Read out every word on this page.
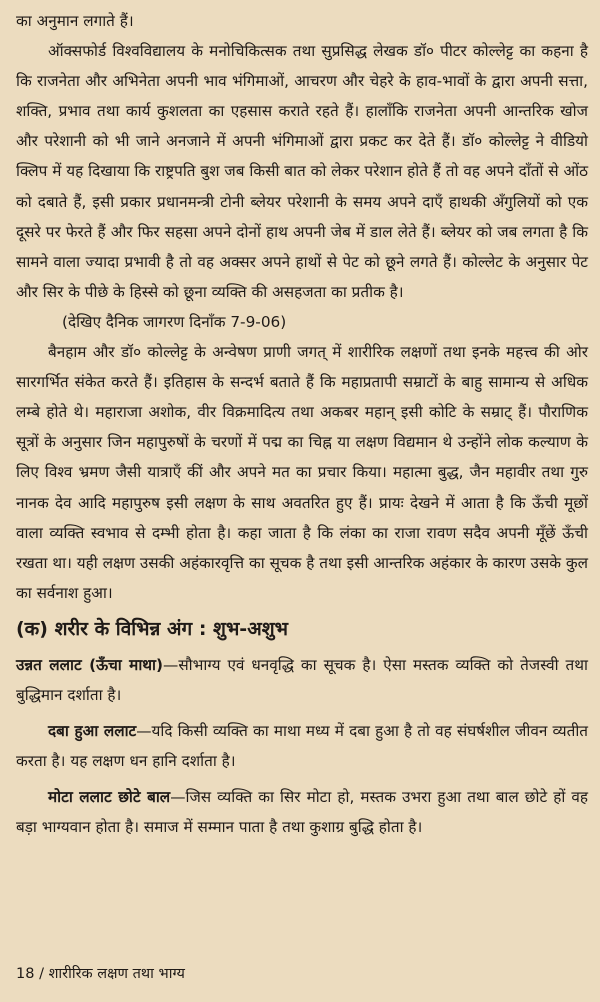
का अनुमान लगाते हैं।

ऑक्सफोर्ड विश्वविद्यालय के मनोचिकित्सक तथा सुप्रसिद्ध लेखक डॉ० पीटर कोल्लेट्ट का कहना है कि राजनेता और अभिनेता अपनी भाव भंगिमाओं, आचरण और चेहरे के हाव-भावों के द्वारा अपनी सत्ता, शक्ति, प्रभाव तथा कार्य कुशलता का एहसास कराते रहते हैं। हालाँकि राजनेता अपनी आन्तरिक खोज और परेशानी को भी जाने अनजाने में अपनी भंगिमाओं द्वारा प्रकट कर देते हैं। डॉ० कोल्लेट्ट ने वीडियो क्लिप में यह दिखाया कि राष्ट्रपति बुश जब किसी बात को लेकर परेशान होते हैं तो वह अपने दाँतों से ओंठ को दबाते हैं, इसी प्रकार प्रधानमन्त्री टोनी ब्लेयर परेशानी के समय अपने दाएँ हाथकी अँगुलियों को एक दूसरे पर फेरते हैं और फिर सहसा अपने दोनों हाथ अपनी जेब में डाल लेते हैं। ब्लेयर को जब लगता है कि सामने वाला ज्यादा प्रभावी है तो वह अक्सर अपने हाथों से पेट को छूने लगते हैं। कोल्लेट के अनुसार पेट और सिर के पीछे के हिस्से को छूना व्यक्ति की असहजता का प्रतीक है।

(देखिए दैनिक जागरण दिनाँक 7-9-06)

बैनहाम और डॉ० कोल्लेट्ट के अन्वेषण प्राणी जगत् में शारीरिक लक्षणों तथा इनके महत्त्व की ओर सारगर्भित संकेत करते हैं। इतिहास के सन्दर्भ बताते हैं कि महाप्रतापी सम्राटों के बाहु सामान्य से अधिक लम्बे होते थे। महाराजा अशोक, वीर विक्रमादित्य तथा अकबर महान् इसी कोटि के सम्राट् हैं। पौराणिक सूत्रों के अनुसार जिन महापुरुषों के चरणों में पद्म का चिह्न या लक्षण विद्यमान थे उन्होंने लोक कल्याण के लिए विश्व भ्रमण जैसी यात्राएँ कीं और अपने मत का प्रचार किया। महात्मा बुद्ध, जैन महावीर तथा गुरु नानक देव आदि महापुरुष इसी लक्षण के साथ अवतरित हुए हैं। प्रायः देखने में आता है कि ऊँची मूछों वाला व्यक्ति स्वभाव से दम्भी होता है। कहा जाता है कि लंका का राजा रावण सदैव अपनी मूँछें ऊँची रखता था। यही लक्षण उसकी अहंकारवृत्ति का सूचक है तथा इसी आन्तरिक अहंकार के कारण उसके कुल का सर्वनाश हुआ।

(क) शरीर के विभिन्न अंग : शुभ-अशुभ

उन्नत ललाट (ऊँचा माथा)—सौभाग्य एवं धनवृद्धि का सूचक है। ऐसा मस्तक व्यक्ति को तेजस्वी तथा बुद्धिमान दर्शाता है।

दबा हुआ ललाट—यदि किसी व्यक्ति का माथा मध्य में दबा हुआ है तो वह संघर्षशील जीवन व्यतीत करता है। यह लक्षण धन हानि दर्शाता है।

मोटा ललाट छोटे बाल—जिस व्यक्ति का सिर मोटा हो, मस्तक उभरा हुआ तथा बाल छोटे हों वह बड़ा भाग्यवान होता है। समाज में सम्मान पाता है तथा कुशाग्र बुद्धि होता है।

18 / शारीरिक लक्षण तथा भाग्य
